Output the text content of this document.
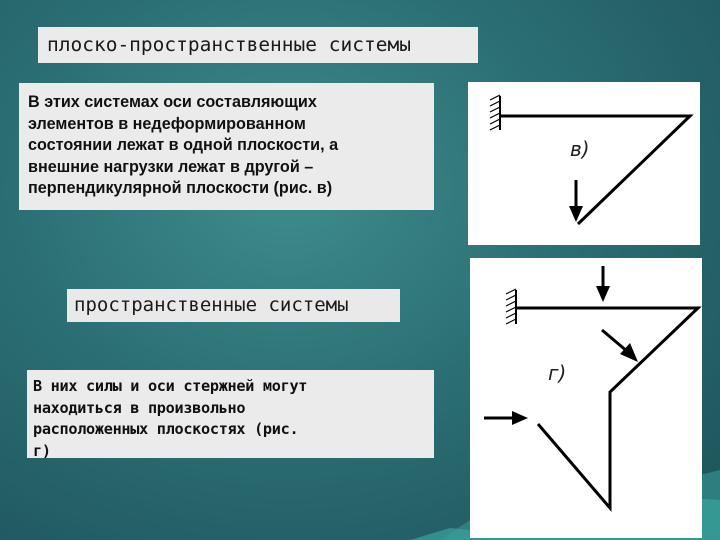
плоско-пространственные системы
В этих системах оси составляющих
элементов в недеформированном
состоянии лежат в одной плоскости, а
внешние нагрузки лежат в другой –
перпендикулярной плоскости (рис. в)
в)
пространственные системы
В них силы и оси стержней могут
находиться в произвольно
расположенных плоскостях (рис.
г)
г)
